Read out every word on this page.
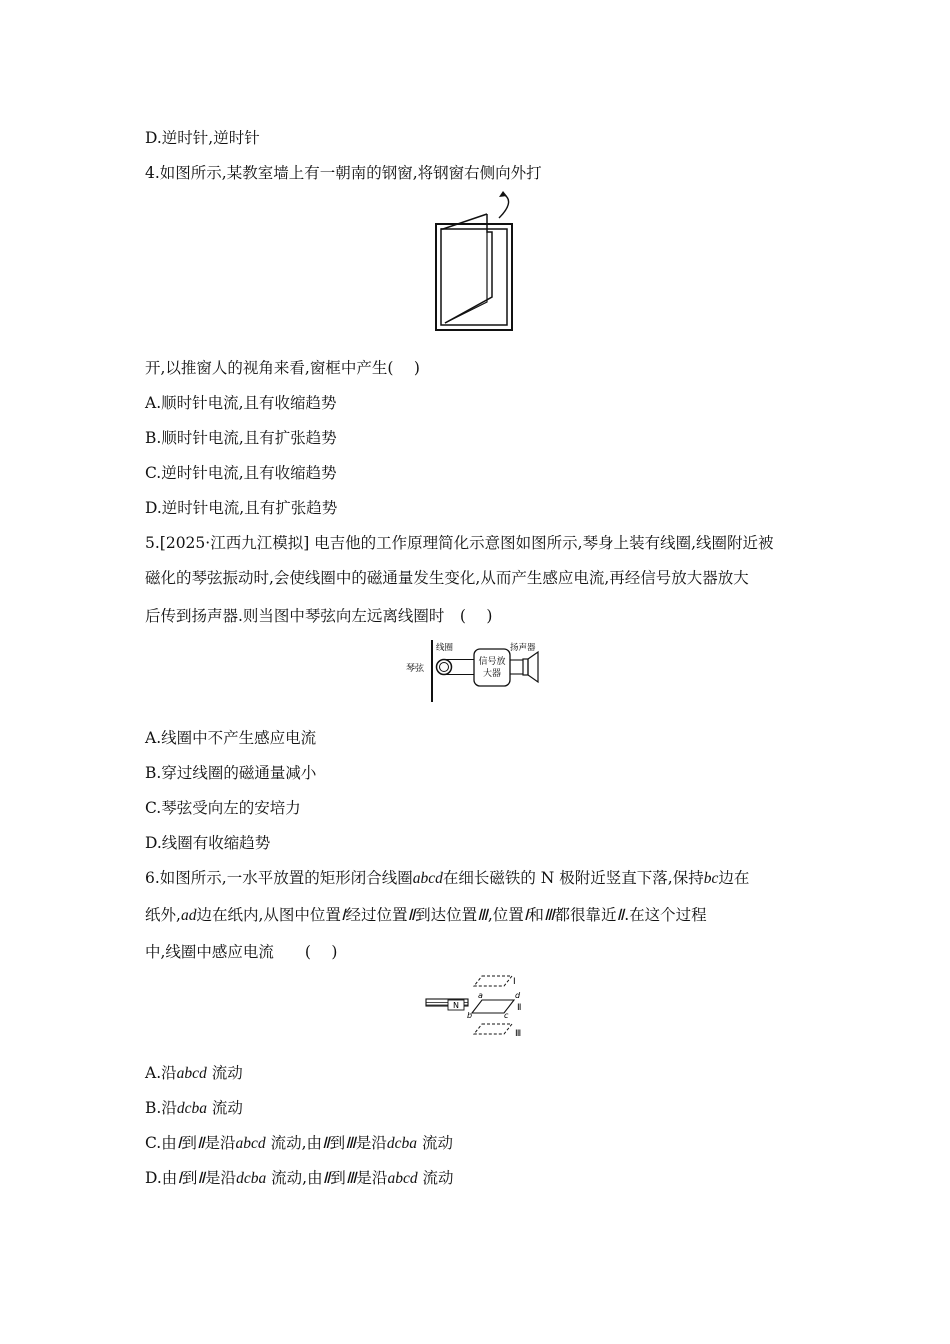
D.逆时针,逆时针
4.如图所示,某教室墙上有一朝南的钢窗,将钢窗右侧向外打
开,以推窗人的视角来看,窗框中产生(　 )
A.顺时针电流,且有收缩趋势
B.顺时针电流,且有扩张趋势
C.逆时针电流,且有收缩趋势
D.逆时针电流,且有扩张趋势
5.[2025·江西九江模拟] 电吉他的工作原理简化示意图如图所示,琴身上装有线圈,线圈附近被
磁化的琴弦振动时,会使线圈中的磁通量发生变化,从而产生感应电流,再经信号放大器放大
后传到扬声器.则当图中琴弦向左远离线圈时　(　 )
琴弦
线圈
信号放
大器
扬声器
A.线圈中不产生感应电流
B.穿过线圈的磁通量减小
C.琴弦受向左的安培力
D.线圈有收缩趋势
6.如图所示,一水平放置的矩形闭合线圈abcd在细长磁铁的 N 极附近竖直下落,保持bc边在
纸外,ad边在纸内,从图中位置Ⅰ经过位置Ⅱ到达位置Ⅲ,位置Ⅰ和Ⅲ都很靠近Ⅱ.在这个过程
中,线圈中感应电流　　(　 )
Ⅰ
N
a	d
b	c
Ⅱ
Ⅲ
A.沿abcd 流动
B.沿dcba 流动
C.由Ⅰ到Ⅱ是沿abcd 流动,由Ⅱ到Ⅲ是沿dcba 流动
D.由Ⅰ到Ⅱ是沿dcba 流动,由Ⅱ到Ⅲ是沿abcd 流动
